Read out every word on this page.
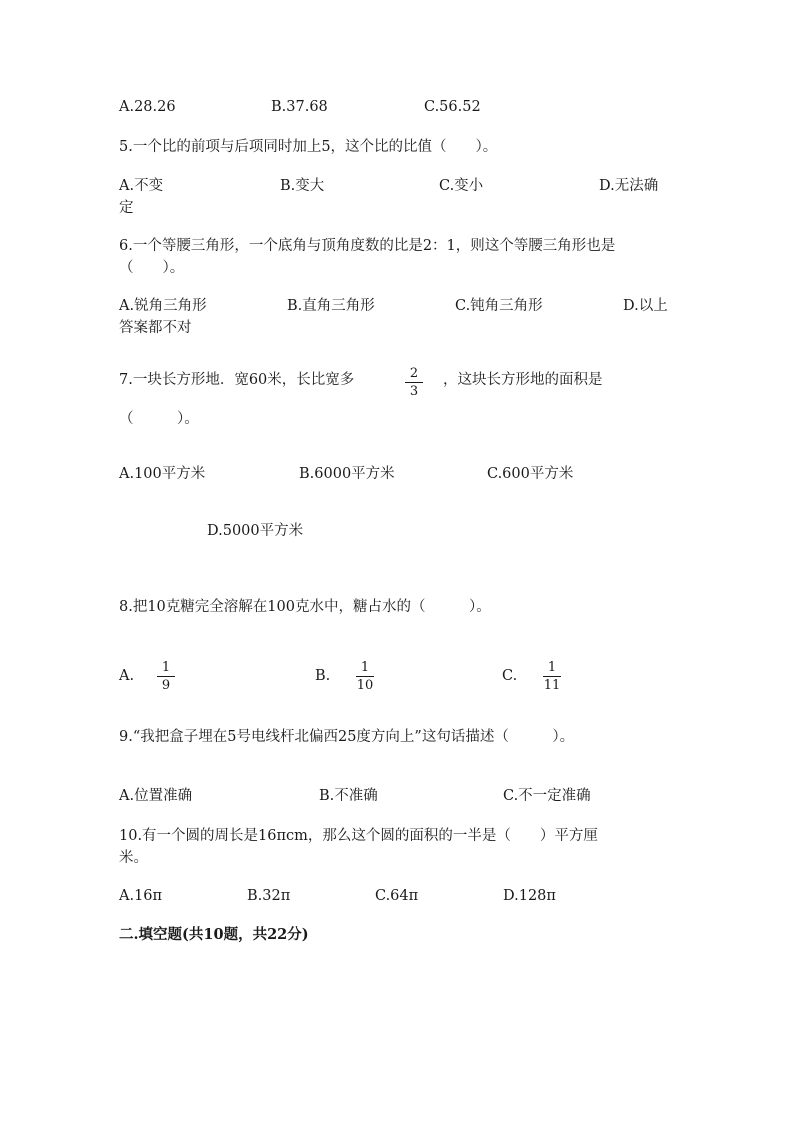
A.28.26	B.37.68	C.56.52
5.一个比的前项与后项同时加上5，这个比的比值（　　）。
A.不变	B.变大	C.变小	D.无法确
定
6.一个等腰三角形，一个底角与顶角度数的比是2：1，则这个等腰三角形也是
（　　）。
A.锐角三角形	B.直角三角形	C.钝角三角形	D.以上
答案都不对
7.一块长方形地．宽60米，长比宽多	2
3
，这块长方形地的面积是
（　　　）。
A.100平方米	B.6000平方米	C.600平方米
D.5000平方米
8.把10克糖完全溶解在100克水中，糖占水的（　　　）。
A.
1
9
B.
1
10
C.
1
11
9.“我把盒子埋在5号电线杆北偏西25度方向上”这句话描述（　　　）。
A.位置准确	B.不准确	C.不一定准确
10.有一个圆的周长是16πcm，那么这个圆的面积的一半是（　　）平方厘
米。
A.16π	B.32π	C.64π	D.128π
二.填空题(共10题，共22分)
